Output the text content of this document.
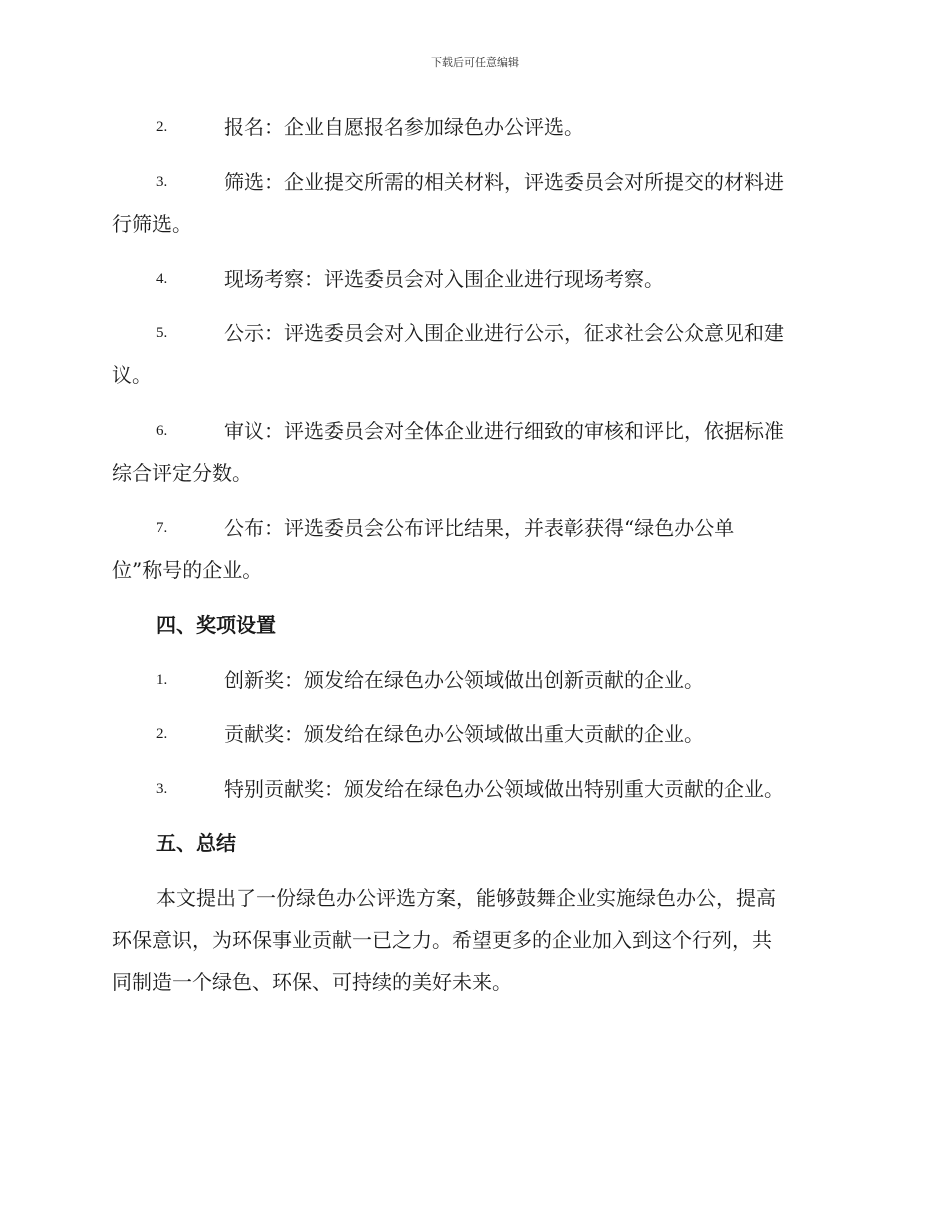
下载后可任意编辑
2.	报名：企业自愿报名参加绿色办公评选。
3.	筛选：企业提交所需的相关材料，评选委员会对所提交的材料进
行筛选。
4.	现场考察：评选委员会对入围企业进行现场考察。
5.	公示：评选委员会对入围企业进行公示，征求社会公众意见和建
议。
6.	审议：评选委员会对全体企业进行细致的审核和评比，依据标准
综合评定分数。
7.	公布：评选委员会公布评比结果，并表彰获得“绿色办公单
位”称号的企业。
四、奖项设置
1.	创新奖：颁发给在绿色办公领域做出创新贡献的企业。
2.	贡献奖：颁发给在绿色办公领域做出重大贡献的企业。
3.	特别贡献奖：颁发给在绿色办公领域做出特别重大贡献的企业。
五、总结
本文提出了一份绿色办公评选方案，能够鼓舞企业实施绿色办公，提高
环保意识，为环保事业贡献一已之力。希望更多的企业加入到这个行列，共
同制造一个绿色、环保、可持续的美好未来。
